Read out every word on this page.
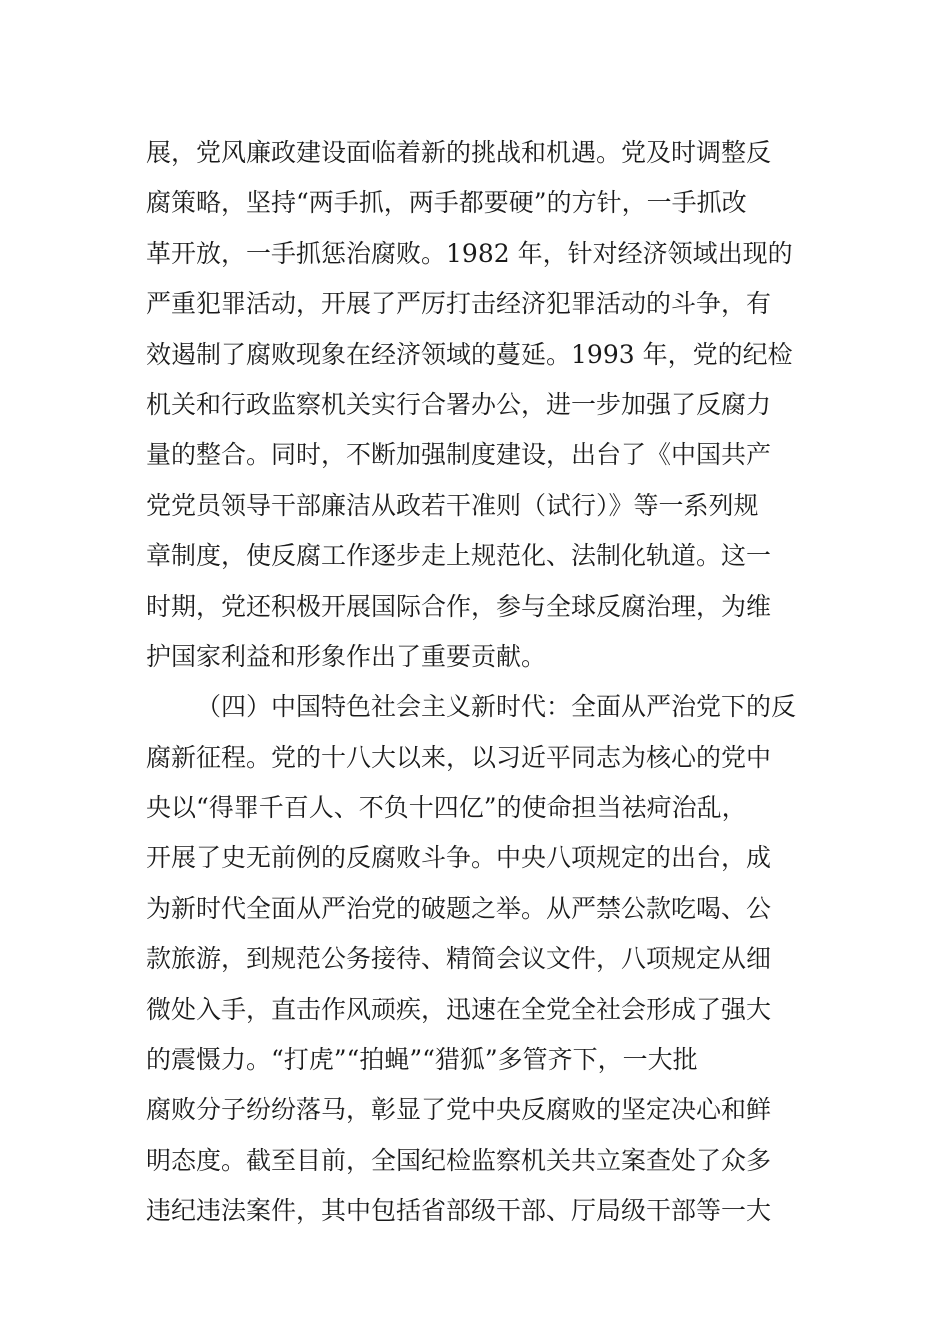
展，党风廉政建设面临着新的挑战和机遇。党及时调整反
腐策略，坚持“两手抓，两手都要硬”的方针，一手抓改
革开放，一手抓惩治腐败。1982 年，针对经济领域出现的
严重犯罪活动，开展了严厉打击经济犯罪活动的斗争，有
效遏制了腐败现象在经济领域的蔓延。1993 年，党的纪检
机关和行政监察机关实行合署办公，进一步加强了反腐力
量的整合。同时，不断加强制度建设，出台了《中国共产
党党员领导干部廉洁从政若干准则（试行）》等一系列规
章制度，使反腐工作逐步走上规范化、法制化轨道。这一
时期，党还积极开展国际合作，参与全球反腐治理，为维
护国家利益和形象作出了重要贡献。
（四）中国特色社会主义新时代：全面从严治党下的反
腐新征程。党的十八大以来，以习近平同志为核心的党中
央以“得罪千百人、不负十四亿”的使命担当祛疴治乱，
开展了史无前例的反腐败斗争。中央八项规定的出台，成
为新时代全面从严治党的破题之举。从严禁公款吃喝、公
款旅游，到规范公务接待、精简会议文件，八项规定从细
微处入手，直击作风顽疾，迅速在全党全社会形成了强大
的震慑力。“打虎”“拍蝇”“猎狐”多管齐下，一大批
腐败分子纷纷落马，彰显了党中央反腐败的坚定决心和鲜
明态度。截至目前，全国纪检监察机关共立案查处了众多
违纪违法案件，其中包括省部级干部、厅局级干部等一大
